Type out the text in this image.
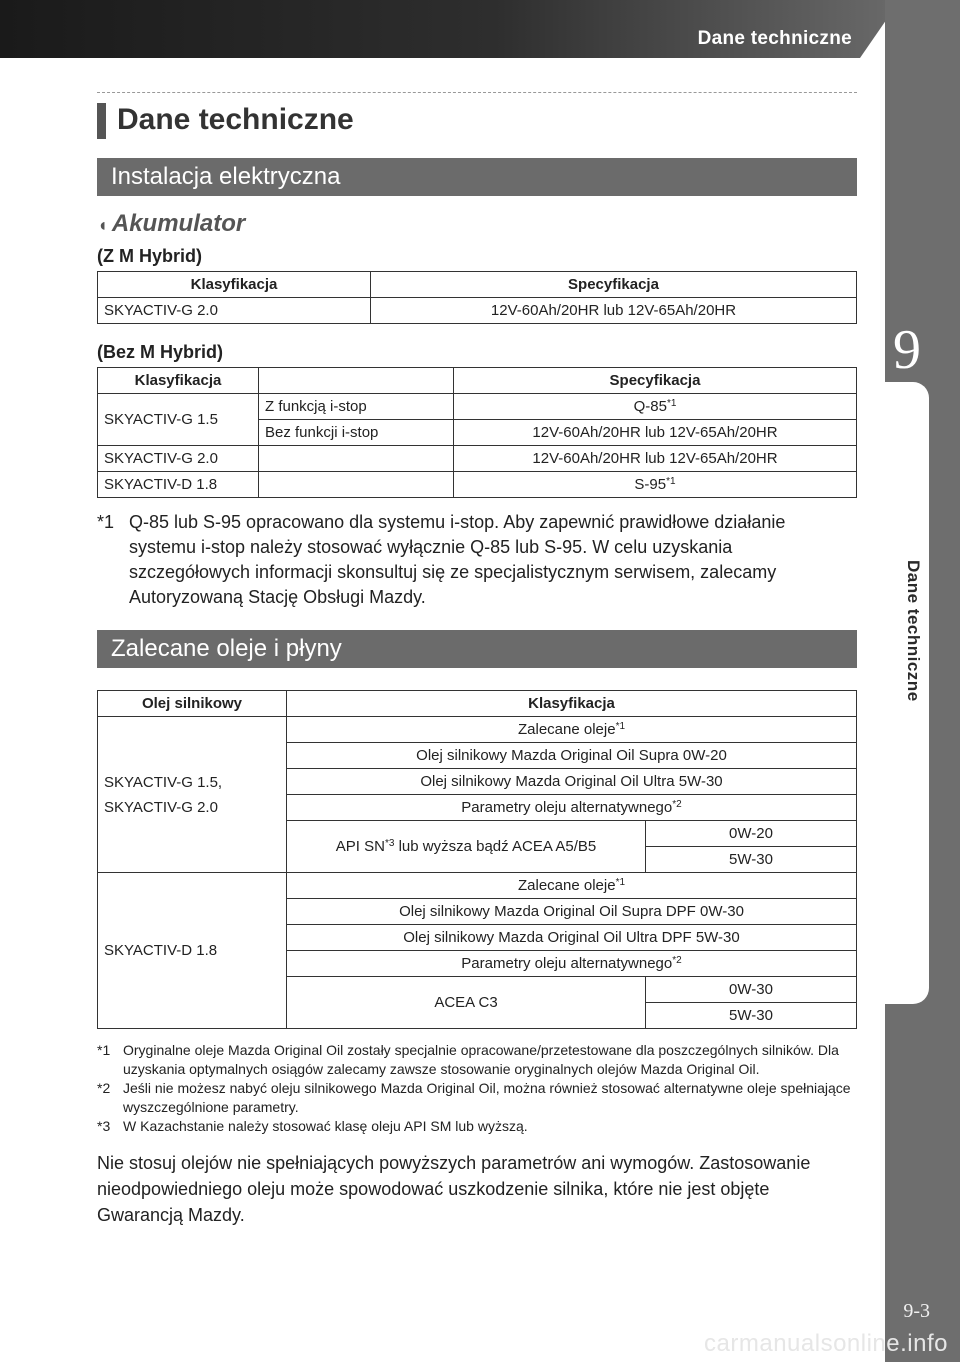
Dane techniczne
9
Dane techniczne
9-3
carmanualsonline.info
Dane techniczne
Instalacja elektryczna
◖ Akumulator
(Z M Hybrid)
Klasyfikacja	Specyfikacja
SKYACTIV-G 2.0	12V-60Ah/20HR lub 12V-65Ah/20HR
(Bez M Hybrid)
Klasyfikacja		Specyfikacja
SKYACTIV-G 1.5	Z funkcją i-stop	Q-85$^{*1}$
	Bez funkcji i-stop	12V-60Ah/20HR lub 12V-65Ah/20HR
SKYACTIV-G 2.0		12V-60Ah/20HR lub 12V-65Ah/20HR
SKYACTIV-D 1.8		S-95$^{*1}$
*1 Q-85 lub S-95 opracowano dla systemu i-stop. Aby zapewnić prawidłowe działanie systemu i-stop należy stosować wyłącznie Q-85 lub S-95. W celu uzyskania szczegółowych informacji skonsultuj się ze specjalistycznym serwisem, zalecamy Autoryzowaną Stację Obsługi Mazdy.
Zalecane oleje i płyny
Olej silnikowy	Klasyfikacja	
SKYACTIV-G 1.5, SKYACTIV-G 2.0	Zalecane oleje$^{*1}$
	Olej silnikowy Mazda Original Oil Supra 0W-20	
	Olej silnikowy Mazda Original Oil Ultra 5W-30	
	Parametry oleju alternatywnego$^{*2}$
	API SN$^{*3}$ lub wyższa bądź ACEA A5/B5	0W-20
		5W-30
SKYACTIV-D 1.8	Zalecane oleje$^{*1}$
	Olej silnikowy Mazda Original Oil Supra DPF 0W-30	
	Olej silnikowy Mazda Original Oil Ultra DPF 5W-30	
	Parametry oleju alternatywnego$^{*2}$
	ACEA C3	0W-30
		5W-30
*1 Oryginalne oleje Mazda Original Oil zostały specjalnie opracowane/przetestowane dla poszczególnych silników. Dla uzyskania optymalnych osiągów zalecamy zawsze stosowanie oryginalnych olejów Mazda Original Oil.
*2 Jeśli nie możesz nabyć oleju silnikowego Mazda Original Oil, można również stosować alternatywne oleje spełniające wyszczególnione parametry.
*3 W Kazachstanie należy stosować klasę oleju API SM lub wyższą.
Nie stosuj olejów nie spełniających powyższych parametrów ani wymogów. Zastosowanie nieodpowiedniego oleju może spowodować uszkodzenie silnika, które nie jest objęte Gwarancją Mazdy.
